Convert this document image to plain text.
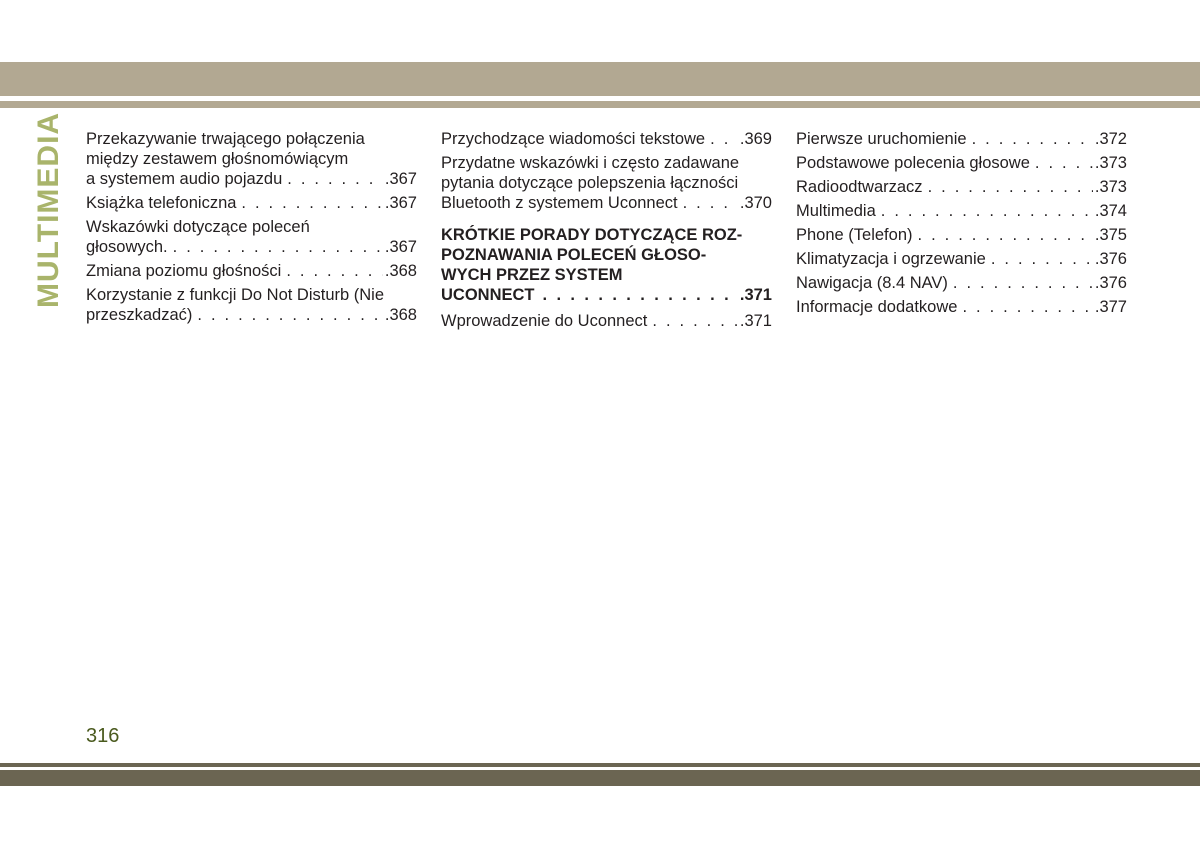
MULTIMEDIA Przekazywanie trwającego połączenia
między zestawem głośnomówiącym
a systemem audio pojazdu . . .	.367
Książka telefoniczna . . .	.367
Wskazówki dotyczące poleceń
głosowych. . . .	.367
Zmiana poziomu głośności . . .	.368
Korzystanie z funkcji Do Not Disturb (Nie
przeszkadzać) . . .	.368
Przychodzące wiadomości tekstowe . . . .369
Przydatne wskazówki i często zadawane
pytania dotyczące polepszenia łączności
Bluetooth z systemem Uconnect . . .	.370
KRÓTKIE PORADY DOTYCZĄCE ROZ-
POZNAWANIA POLECEŃ GŁOSO-
WYCH PRZEZ SYSTEM
UCONNECT . . .	.371
Wprowadzenie do Uconnect . . .	.371
Pierwsze uruchomienie . . .	.372
Podstawowe polecenia głosowe . . .	.373
Radioodtwarzacz . . .	.373
Multimedia . . .	.374
Phone (Telefon) . . .	.375
Klimatyzacja i ogrzewanie . . .	.376
Nawigacja (8.4 NAV) . . .	.376
Informacje dodatkowe . . .	.377
316
